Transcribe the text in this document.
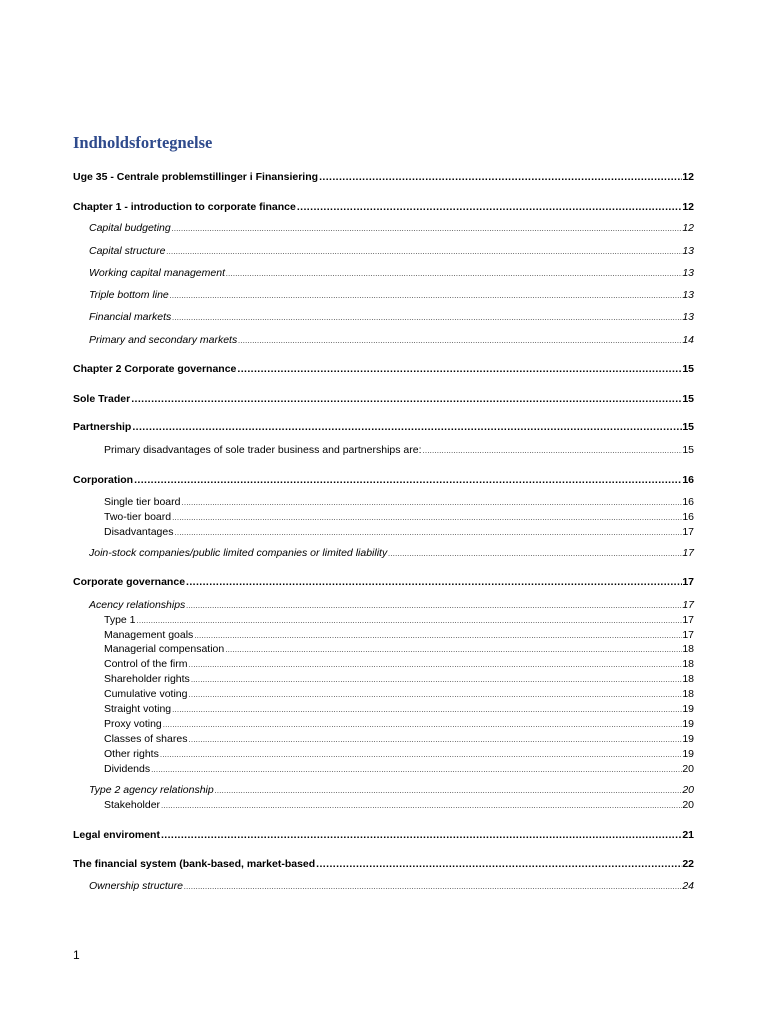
Indholdsfortegnelse
Uge 35 - Centrale problemstillinger i Finansiering .....	12
Chapter 1 - introduction to corporate finance .....	12
Capital budgeting .....	12
Capital structure .....	13
Working capital management .....	13
Triple bottom line .....	13
Financial markets .....	13
Primary and secondary markets .....	14
Chapter 2 Corporate governance .....	15
Sole Trader .....	15
Partnership .....	15
Primary disadvantages of sole trader business and partnerships are: .....	15
Corporation .....	16
Single tier board .....	16
Two-tier board .....	16
Disadvantages .....	17
Join-stock companies/public limited companies or limited liability .....	17
Corporate governance .....	17
Acency relationships .....	17
Type 1 .....	17
Management goals .....	17
Managerial compensation .....	18
Control of the firm .....	18
Shareholder rights .....	18
Cumulative voting .....	18
Straight voting .....	19
Proxy voting .....	19
Classes of shares .....	19
Other rights .....	19
Dividends .....	20
Type 2 agency relationship .....	20
Stakeholder .....	20
Legal enviroment .....	21
The financial system (bank-based, market-based .....	22
Ownership structure .....	24

1
